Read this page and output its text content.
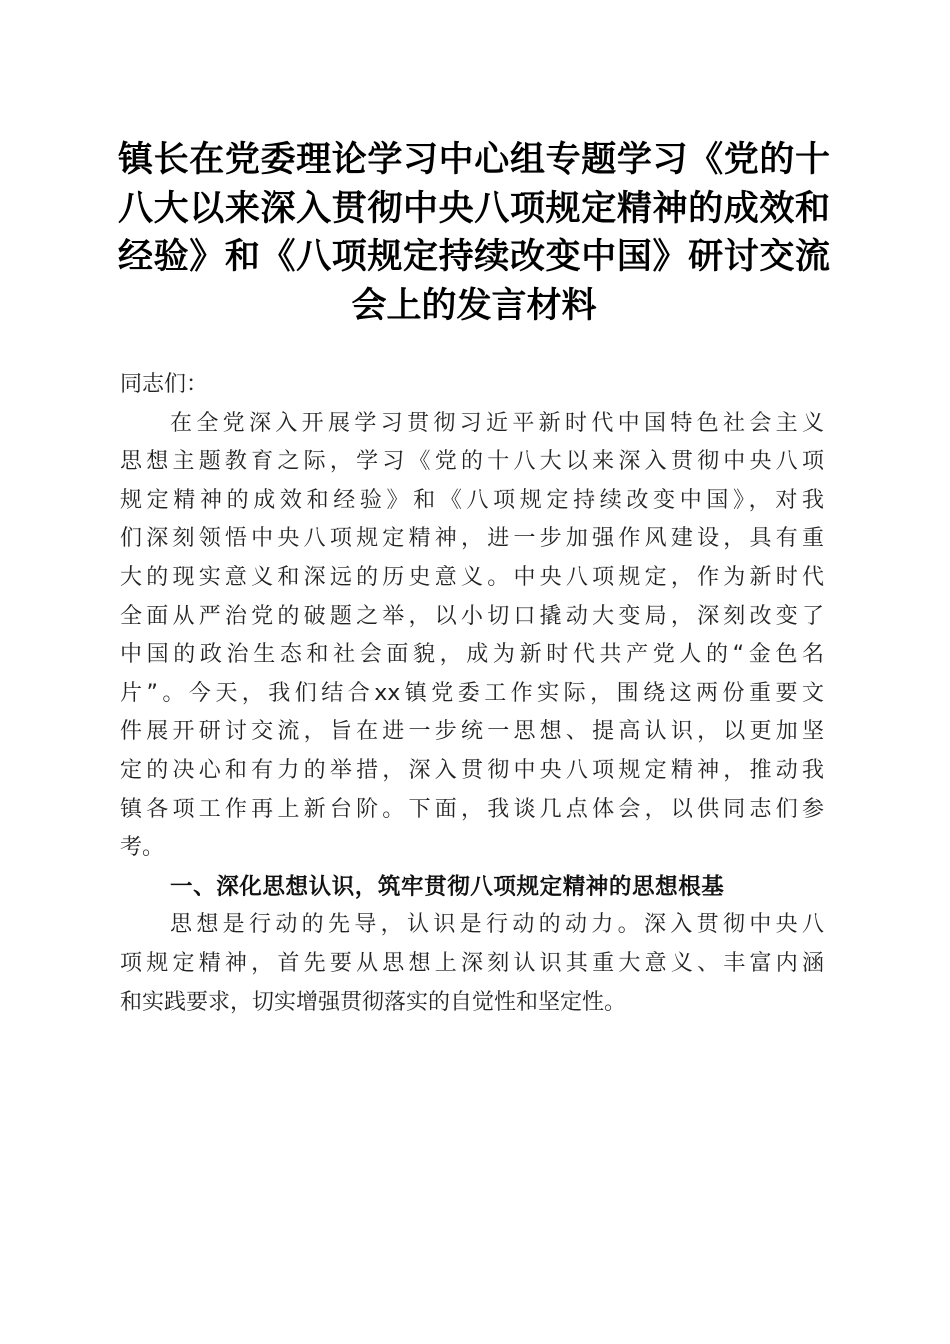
镇长在党委理论学习中心组专题学习《党的十
八大以来深入贯彻中央八项规定精神的成效和
经验》和《八项规定持续改变中国》研讨交流
会上的发言材料
同志们：
在全党深入开展学习贯彻习近平新时代中国特色社会主义
思想主题教育之际，学习《党的十八大以来深入贯彻中央八项
规定精神的成效和经验》和《八项规定持续改变中国》，对我
们深刻领悟中央八项规定精神，进一步加强作风建设，具有重
大的现实意义和深远的历史意义。中央八项规定，作为新时代
全面从严治党的破题之举，以小切口撬动大变局，深刻改变了
中国的政治生态和社会面貌，成为新时代共产党人的“金色名
片”。今天，我们结合xx镇党委工作实际，围绕这两份重要文
件展开研讨交流，旨在进一步统一思想、提高认识，以更加坚
定的决心和有力的举措，深入贯彻中央八项规定精神，推动我
镇各项工作再上新台阶。下面，我谈几点体会，以供同志们参
考。
一、深化思想认识，筑牢贯彻八项规定精神的思想根基
思想是行动的先导，认识是行动的动力。深入贯彻中央八
项规定精神，首先要从思想上深刻认识其重大意义、丰富内涵
和实践要求，切实增强贯彻落实的自觉性和坚定性。
